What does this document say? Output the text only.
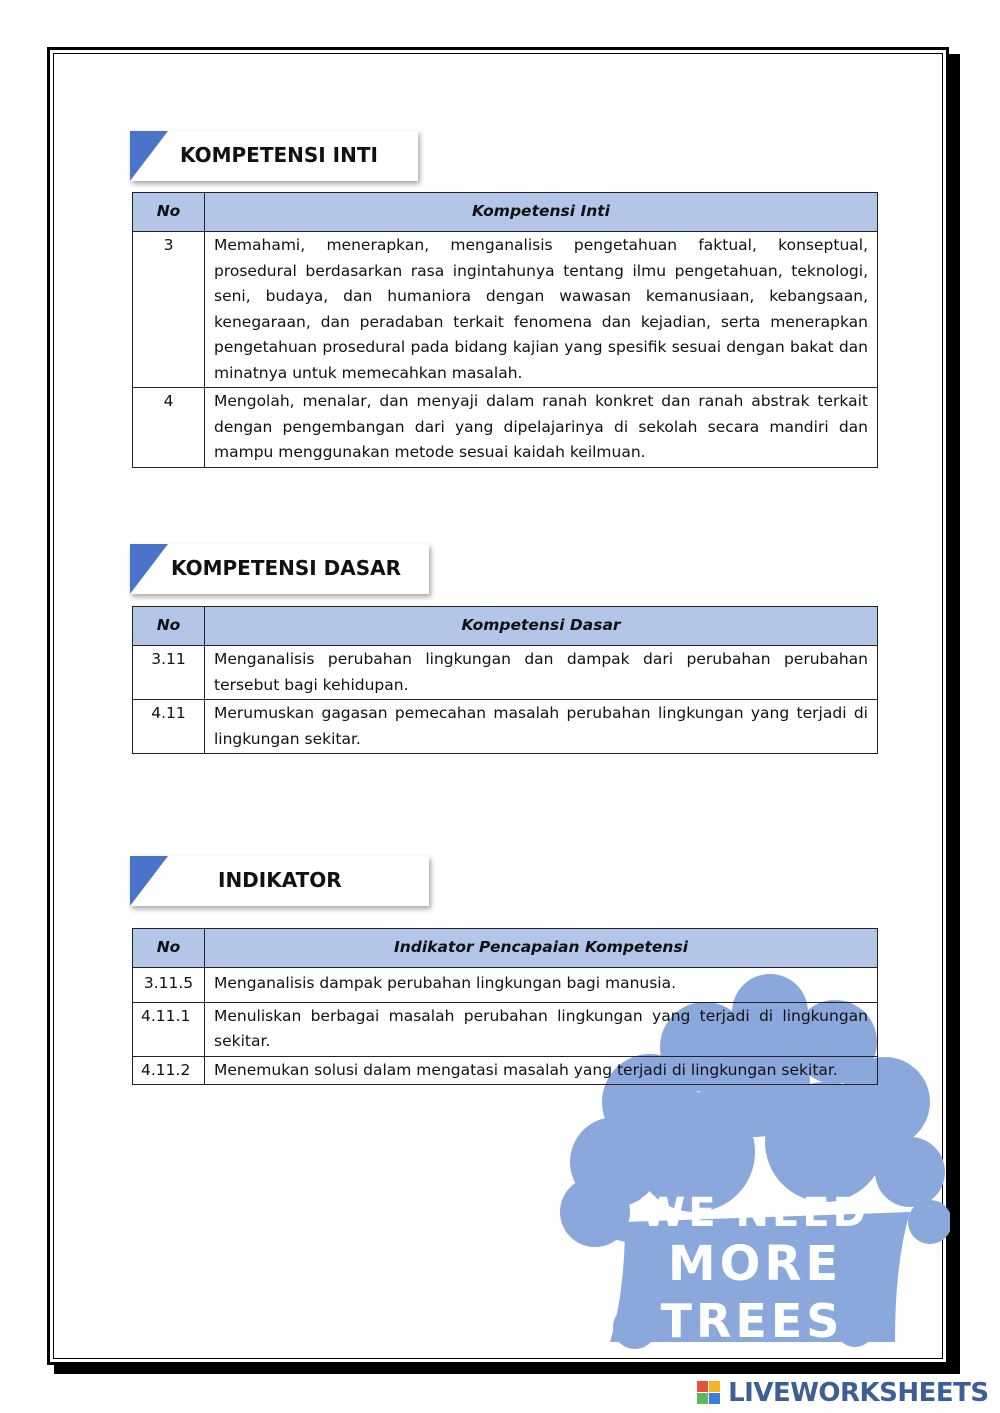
KOMPETENSI INTI
No	Kompetensi Inti
3	Memahami, menerapkan, menganalisis pengetahuan faktual, konseptual, prosedural berdasarkan rasa ingintahunya tentang ilmu pengetahuan, teknologi, seni, budaya, dan humaniora dengan wawasan kemanusiaan, kebangsaan, kenegaraan, dan peradaban terkait fenomena dan kejadian, serta menerapkan pengetahuan prosedural pada bidang kajian yang spesifik sesuai dengan bakat dan minatnya untuk memecahkan masalah.
4	Mengolah, menalar, dan menyaji dalam ranah konkret dan ranah abstrak terkait dengan pengembangan dari yang dipelajarinya di sekolah secara mandiri dan mampu menggunakan metode sesuai kaidah keilmuan.
KOMPETENSI DASAR
No	Kompetensi Dasar
3.11	Menganalisis perubahan lingkungan dan dampak dari perubahan perubahan tersebut bagi kehidupan.
4.11	Merumuskan gagasan pemecahan masalah perubahan lingkungan yang terjadi di lingkungan sekitar.
WE NEED
MORE
TREES
INDIKATOR
No	Indikator Pencapaian Kompetensi
3.11.5	Menganalisis dampak perubahan lingkungan bagi manusia.
4.11.1	Menuliskan berbagai masalah perubahan lingkungan yang terjadi di lingkungan sekitar.
4.11.2	Menemukan solusi dalam mengatasi masalah yang terjadi di lingkungan sekitar.
LIVEWORKSHEETS
